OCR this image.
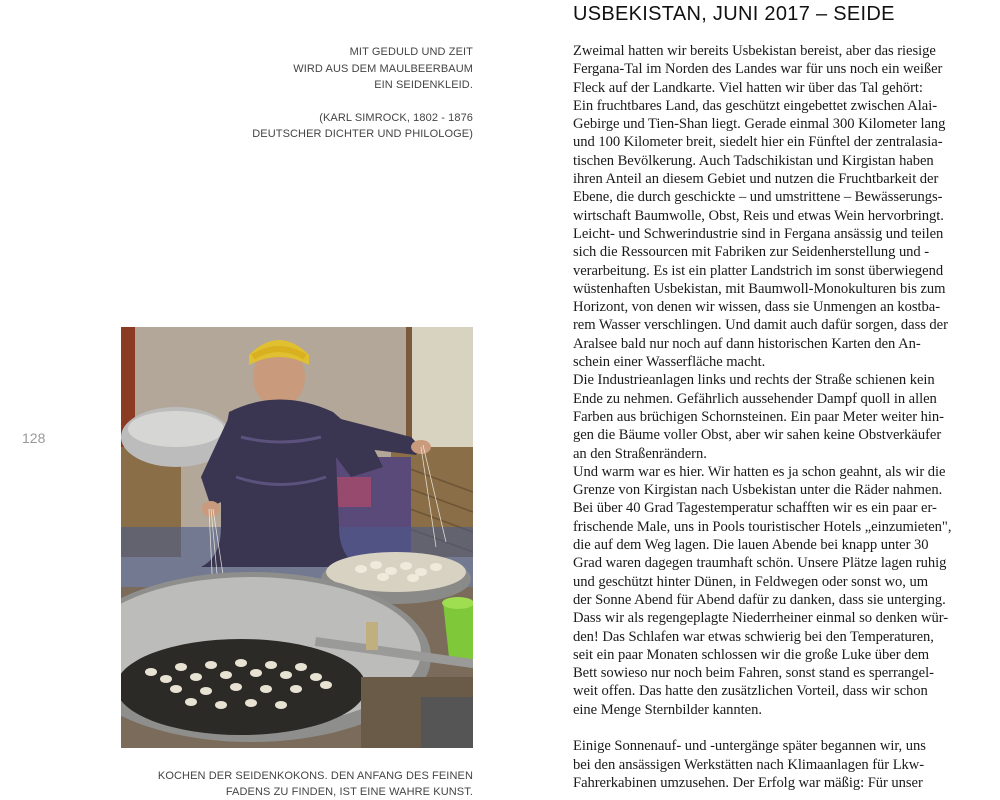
MIT GEDULD UND ZEIT
WIRD AUS DEM MAULBEERBAUM
EIN SEIDENKLEID.
(KARL SIMROCK, 1802 - 1876
DEUTSCHER DICHTER UND PHILOLOGE)
128
KOCHEN DER SEIDENKOKONS. DEN ANFANG DES FEINEN
FADENS ZU FINDEN, IST EINE WAHRE KUNST.
USBEKISTAN, JUNI 2017 – SEIDE
Zweimal hatten wir bereits Usbekistan bereist, aber das riesige
Fergana-Tal im Norden des Landes war für uns noch ein weißer
Fleck auf der Landkarte. Viel hatten wir über das Tal gehört:
Ein fruchtbares Land, das geschützt eingebettet zwischen Alai-
Gebirge und Tien-Shan liegt. Gerade einmal 300 Kilometer lang
und 100 Kilometer breit, siedelt hier ein Fünftel der zentralasia-
tischen Bevölkerung. Auch Tadschikistan und Kirgistan haben
ihren Anteil an diesem Gebiet und nutzen die Fruchtbarkeit der
Ebene, die durch geschickte – und umstrittene – Bewässerungs-
wirtschaft Baumwolle, Obst, Reis und etwas Wein hervorbringt.
Leicht- und Schwerindustrie sind in Fergana ansässig und teilen
sich die Ressourcen mit Fabriken zur Seidenherstellung und -
verarbeitung. Es ist ein platter Landstrich im sonst überwiegend
wüstenhaften Usbekistan, mit Baumwoll-Monokulturen bis zum
Horizont, von denen wir wissen, dass sie Unmengen an kostba-
rem Wasser verschlingen. Und damit auch dafür sorgen, dass der
Aralsee bald nur noch auf dann historischen Karten den An-
schein einer Wasserfläche macht.
Die Industrieanlagen links und rechts der Straße schienen kein
Ende zu nehmen. Gefährlich aussehender Dampf quoll in allen
Farben aus brüchigen Schornsteinen. Ein paar Meter weiter hin-
gen die Bäume voller Obst, aber wir sahen keine Obstverkäufer
an den Straßenrändern.
Und warm war es hier. Wir hatten es ja schon geahnt, als wir die
Grenze von Kirgistan nach Usbekistan unter die Räder nahmen.
Bei über 40 Grad Tagestemperatur schafften wir es ein paar er-
frischende Male, uns in Pools touristischer Hotels „einzumieten",
die auf dem Weg lagen. Die lauen Abende bei knapp unter 30
Grad waren dagegen traumhaft schön. Unsere Plätze lagen ruhig
und geschützt hinter Dünen, in Feldwegen oder sonst wo, um
der Sonne Abend für Abend dafür zu danken, dass sie unterging.
Dass wir als regengeplagte Niederrheiner einmal so denken wür-
den! Das Schlafen war etwas schwierig bei den Temperaturen,
seit ein paar Monaten schlossen wir die große Luke über dem
Bett sowieso nur noch beim Fahren, sonst stand es sperrangel-
weit offen. Das hatte den zusätzlichen Vorteil, dass wir schon
eine Menge Sternbilder kannten.
Einige Sonnenauf- und -untergänge später begannen wir, uns
bei den ansässigen Werkstätten nach Klimaanlagen für Lkw-
Fahrerkabinen umzusehen. Der Erfolg war mäßig: Für unser
